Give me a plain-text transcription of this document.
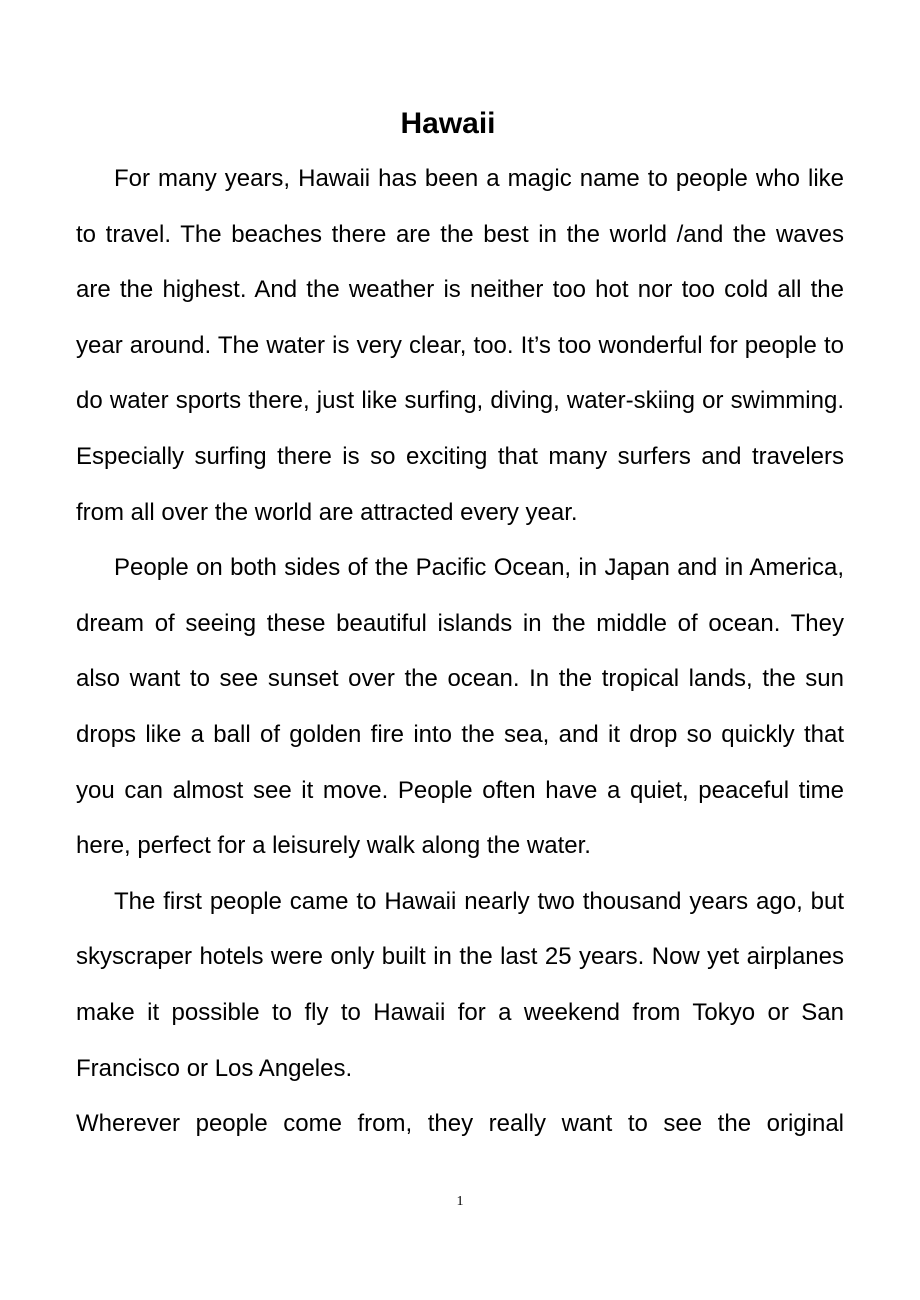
Hawaii

For many years, Hawaii has been a magic name to people who like to travel. The beaches there are the best in the world /and the waves are the highest. And the weather is neither too hot nor too cold all the year around. The water is very clear, too. It’s too wonderful for people to do water sports there, just like surfing, diving, water-skiing or swimming. Especially surfing there is so exciting that many surfers and travelers from all over the world are attracted every year.

People on both sides of the Pacific Ocean, in Japan and in America, dream of seeing these beautiful islands in the middle of ocean. They also want to see sunset over the ocean. In the tropical lands, the sun drops like a ball of golden fire into the sea, and it drop so quickly that you can almost see it move. People often have a quiet, peaceful time here, perfect for a leisurely walk along the water.

The first people came to Hawaii nearly two thousand years ago, but skyscraper hotels were only built in the last 25 years. Now yet airplanes make it possible to fly to Hawaii for a weekend from Tokyo or San Francisco or Los Angeles.

Wherever people come from, they really want to see the original

1
